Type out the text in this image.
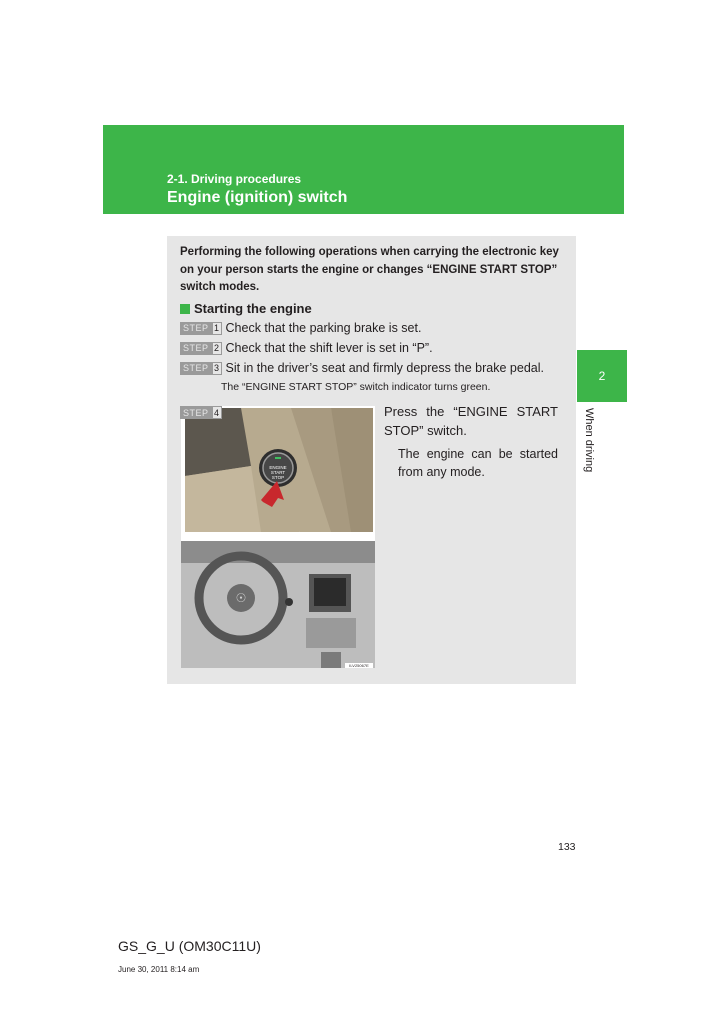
2-1. Driving procedures
Engine (ignition) switch
2
When driving
Performing the following operations when carrying the electronic key on your person starts the engine or changes “ENGINE START STOP” switch modes.
Starting the engine
STEP 1 Check that the parking brake is set.
STEP 2 Check that the shift lever is set in “P”.
STEP 3 Sit in the driver’s seat and firmly depress the brake pedal.
The “ENGINE START STOP” switch indicator turns green.
ENGINE
START
STOP
☉
ILV25067E
STEP 4	Press the “ENGINE START STOP” switch.
The engine can be started from any mode.
133
GS_G_U (OM30C11U)
June 30, 2011 8:14 am
